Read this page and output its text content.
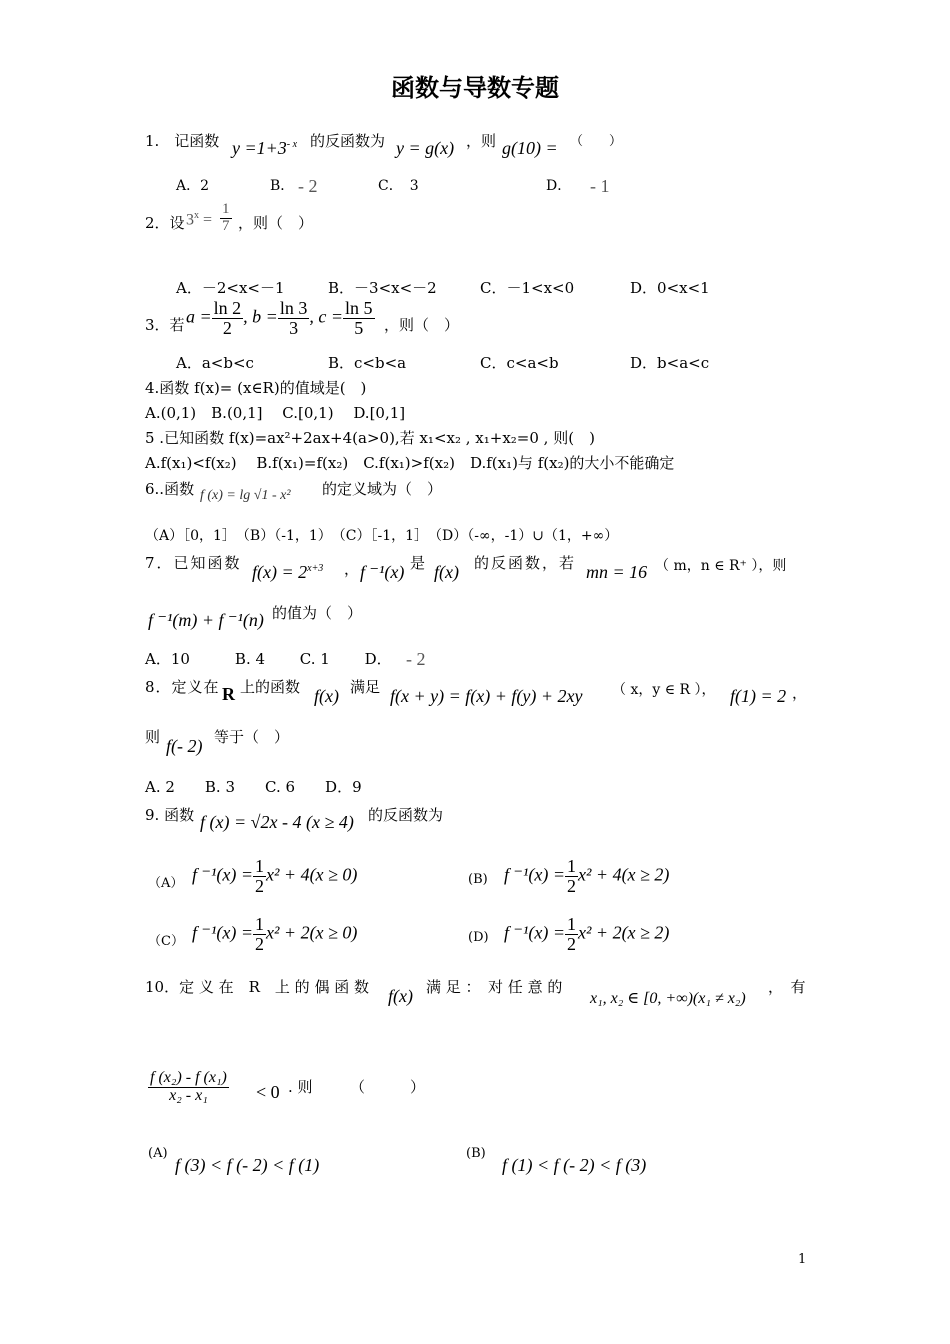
函数与导数专题
1.　记函数 $y =1+3^{- x}$ 的反函数为 y = g(x) ，则 g(10) = （　　）
A．2	B． - 2	C．　3	D． - 1
2．设 $3^x = \frac{1}{7}$ ，则（　）
A．－2<x<－1	B．－3<x<－2	C．－1<x<0	D．0<x<1
3．若 $a = \frac{\ln 2}{2}$ , $b = \frac{\ln 3}{3}$ , $c = \frac{\ln 5}{5}$ ，则（　）
A．a<b<c	B．c<b<a	C．c<a<b	D．b<a<c
4.函数 f(x)= (x∈R)的值域是(　)
A.(0,1)　B.(0,1]　 C.[0,1)　 D.[0,1]
5 .已知函数 f(x)=ax²+2ax+4(a>0),若 x₁<x₂ , x₁+x₂=0 , 则(　)
A.f(x₁)<f(x₂)　 B.f(x₁)=f(x₂)　C.f(x₁)>f(x₂)　D.f(x₁)与 f(x₂)的大小不能确定
6..函数 f (x) = lg √1 - x² 的定义域为（　）
（A）［0，1］　（B）（-1，1）　（C）［-1，1］　（D）（-∞，-1）∪（1，+∞）
7．已知函数 $f(x) = 2^{x+3}$ ， f ⁻¹(x) 是 f(x) 的反函数，若 mn = 16 （ m，n ∈ R⁺ ），则
f ⁻¹(m) + f ⁻¹(n) 的值为（　）
A．10　　　B. 4　　 C. 1　　 D． - 2
8．定义在 R 上的函数 f(x) 满足 f(x + y) = f(x) + f(y) + 2xy （ x，y ∈ R ）， f(1) = 2 ，
则 f(- 2) 等于（　）
A. 2　　B. 3　　C. 6　　D．9
9. 函数 f (x) = √2x - 4 (x ≥ 4) 的反函数为
（A） f $^{-1}(x) = \frac{1}{2} x^2 + 4(x \ge 0)$	(B) f $^{-1}(x) = \frac{1}{2} x^2 + 4(x \ge 2)$
（C） f $^{-1}(x) = \frac{1}{2} x^2 + 2(x \ge 0)$	(D) f $^{-1}(x) = \frac{1}{2} x^2 + 2(x \ge 2)$
10．定 义 在　R　上 的 偶 函 数 f(x) 满 足 ：　对 任 意 的
x₁, x₂ ∈ [0, +∞)(x₁ ≠ x₂)
，　有
$\frac{\text{f (x₂) - f (x₁)}}{\text{x₂ - x₁}} < 0$ . 则　　　（　　　）
(A)
f (3) < f (- 2) < f (1)
(B)
f (1) < f (- 2) < f (3)
1
